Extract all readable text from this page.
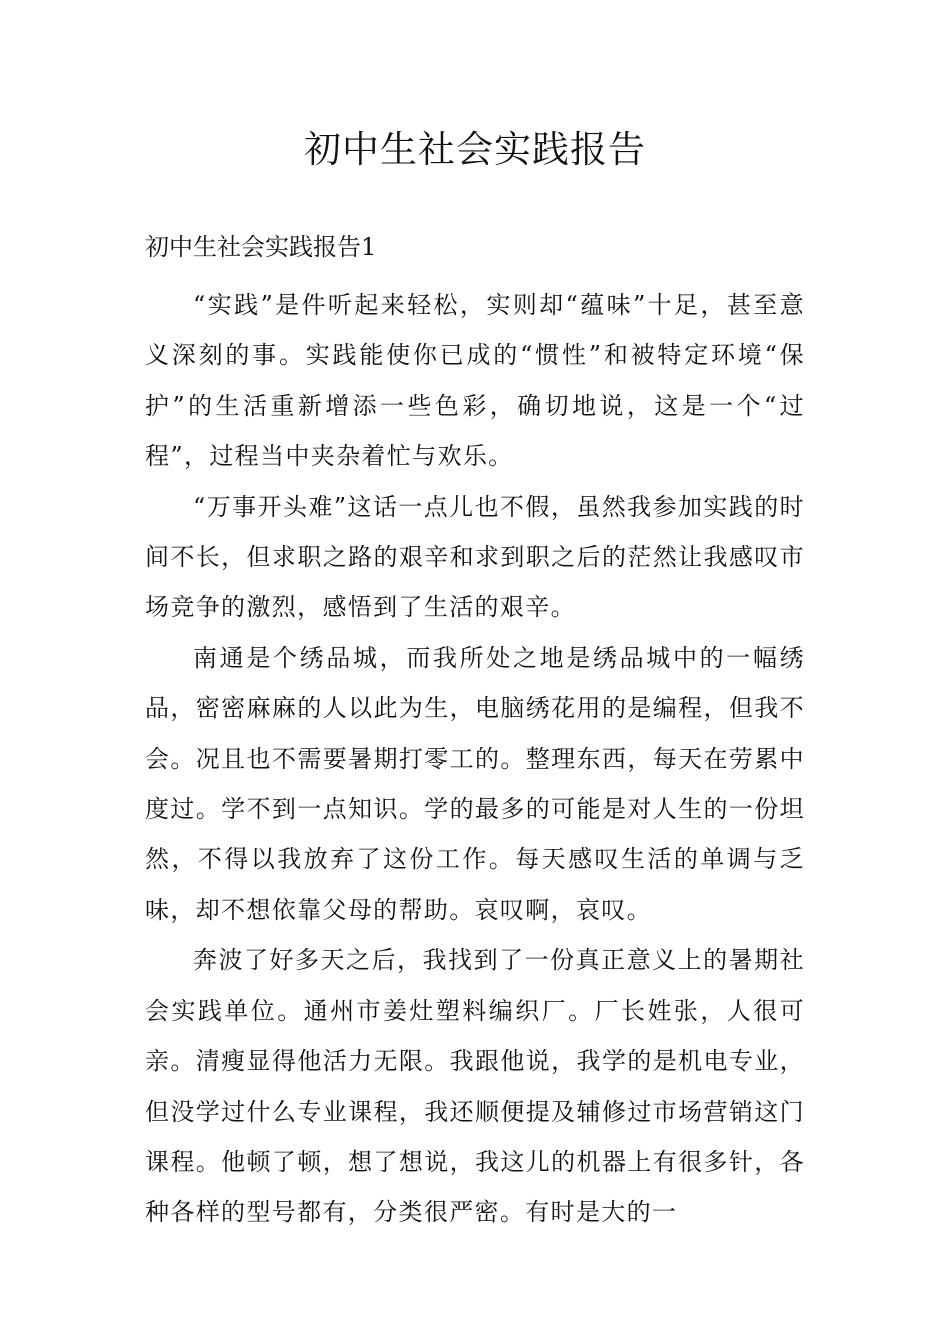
初中生社会实践报告

初中生社会实践报告1

“实践”是件听起来轻松，实则却“蕴味”十足，甚至意义深刻的事。实践能使你已成的“惯性”和被特定环境“保护”的生活重新增添一些色彩，确切地说，这是一个“过程”，过程当中夹杂着忙与欢乐。

“万事开头难”这话一点儿也不假，虽然我参加实践的时间不长，但求职之路的艰辛和求到职之后的茫然让我感叹市场竞争的激烈，感悟到了生活的艰辛。

南通是个绣品城，而我所处之地是绣品城中的一幅绣品，密密麻麻的人以此为生，电脑绣花用的是编程，但我不会。况且也不需要暑期打零工的。整理东西，每天在劳累中度过。学不到一点知识。学的最多的可能是对人生的一份坦然，不得以我放弃了这份工作。每天感叹生活的单调与乏味，却不想依靠父母的帮助。哀叹啊，哀叹。

奔波了好多天之后，我找到了一份真正意义上的暑期社会实践单位。通州市姜灶塑料编织厂。厂长姓张，人很可亲。清瘦显得他活力无限。我跟他说，我学的是机电专业，但没学过什么专业课程，我还顺便提及辅修过市场营销这门课程。他顿了顿，想了想说，我这儿的机器上有很多针，各种各样的型号都有，分类很严密。有时是大的一
